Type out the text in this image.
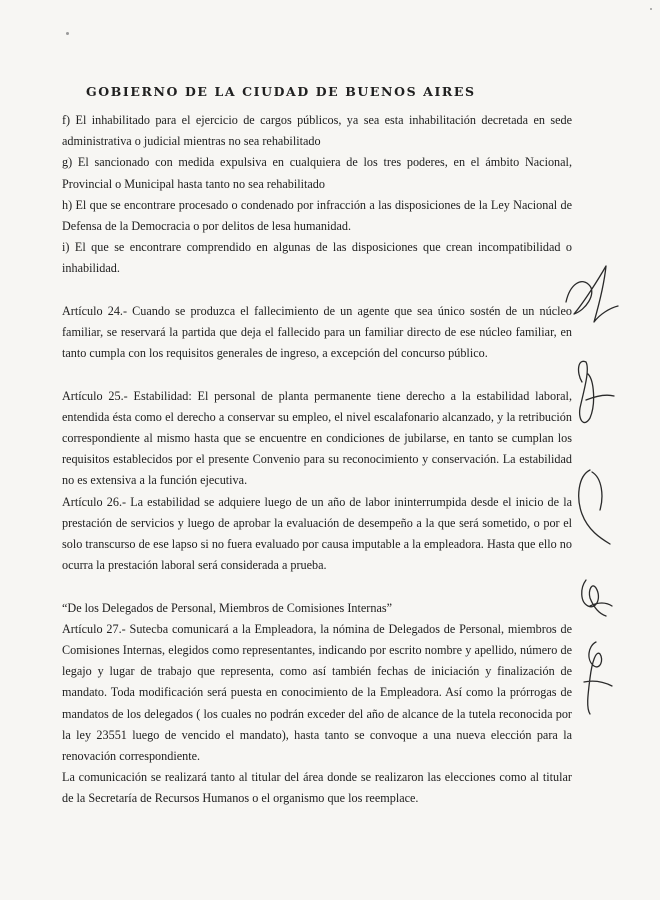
GOBIERNO DE LA CIUDAD DE BUENOS AIRES

f) El inhabilitado para el ejercicio de cargos públicos, ya sea esta inhabilitación decretada en sede administrativa o judicial mientras no sea rehabilitado

g) El sancionado con medida expulsiva en cualquiera de los tres poderes, en el ámbito Nacional, Provincial o Municipal hasta tanto no sea rehabilitado

h) El que se encontrare procesado o condenado por infracción a las disposiciones de la Ley Nacional de Defensa de la Democracia o por delitos de lesa humanidad.

i) El que se encontrare comprendido en algunas de las disposiciones que crean incompatibilidad o inhabilidad.

Artículo 24.- Cuando se produzca el fallecimiento de un agente que sea único sostén de un núcleo familiar, se reservará la partida que deja el fallecido para un familiar directo de ese núcleo familiar, en tanto cumpla con los requisitos generales de ingreso, a excepción del concurso público.

Artículo 25.- Estabilidad: El personal de planta permanente tiene derecho a la estabilidad laboral, entendida ésta como el derecho a conservar su empleo, el nivel escalafonario alcanzado, y la retribución correspondiente al mismo hasta que se encuentre en condiciones de jubilarse, en tanto se cumplan los requisitos establecidos por el presente Convenio para su reconocimiento y conservación. La estabilidad no es extensiva a la función ejecutiva.

Artículo 26.- La estabilidad se adquiere luego de un año de labor ininterrumpida desde el inicio de la prestación de servicios y luego de aprobar la evaluación de desempeño a la que será sometido, o por el solo transcurso de ese lapso si no fuera evaluado por causa imputable a la empleadora. Hasta que ello no ocurra la prestación laboral será considerada a prueba.

“De los Delegados de Personal, Miembros de Comisiones Internas”

Artículo 27.- Sutecba comunicará a la Empleadora, la nómina de Delegados de Personal, miembros de Comisiones Internas, elegidos como representantes, indicando por escrito nombre y apellido, número de legajo y lugar de trabajo que representa, como así también fechas de iniciación y finalización de mandato. Toda modificación será puesta en conocimiento de la Empleadora. Así como la prórrogas de mandatos de los delegados ( los cuales no podrán exceder del año de alcance de la tutela reconocida por la ley 23551 luego de vencido el mandato), hasta tanto se convoque a una nueva elección para la renovación correspondiente.

La comunicación se realizará tanto al titular del área donde se realizaron las elecciones como al titular de la Secretaría de Recursos Humanos o el organismo que los reemplace.
